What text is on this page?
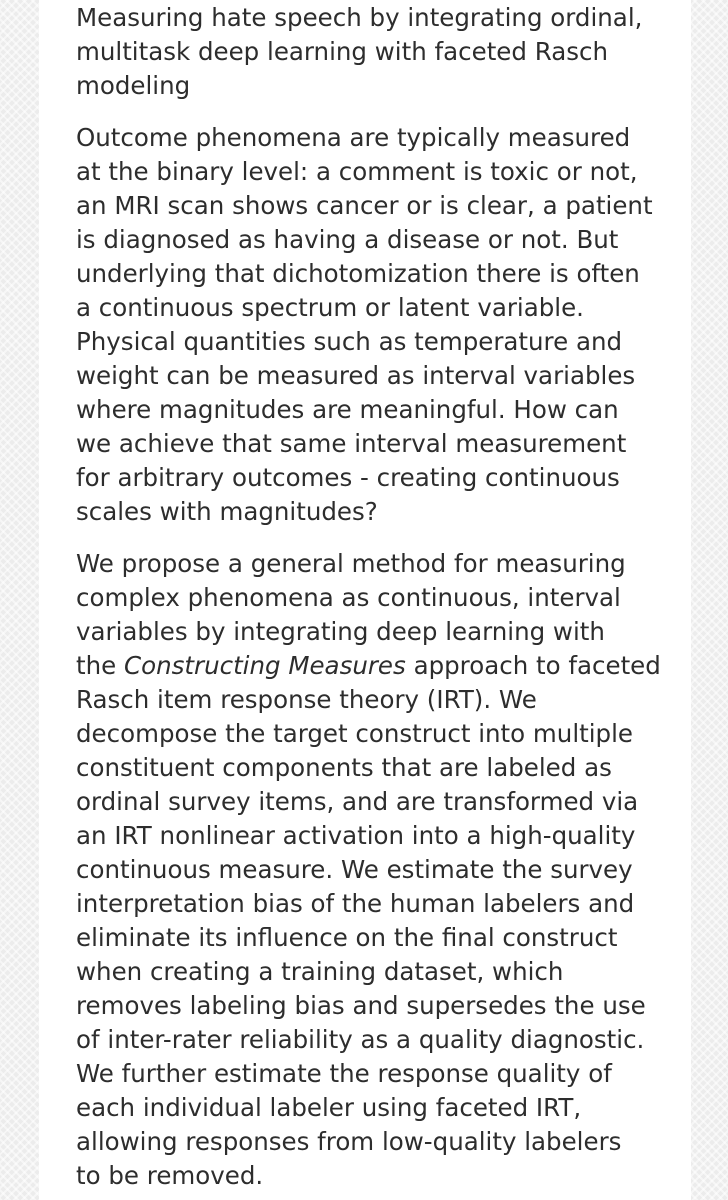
Measuring hate speech by integrating ordinal,
multitask deep learning with faceted Rasch
modeling

Outcome phenomena are typically measured
at the binary level: a comment is toxic or not,
an MRI scan shows cancer or is clear, a patient
is diagnosed as having a disease or not. But
underlying that dichotomization there is often
a continuous spectrum or latent variable.
Physical quantities such as temperature and
weight can be measured as interval variables
where magnitudes are meaningful. How can
we achieve that same interval measurement
for arbitrary outcomes - creating continuous
scales with magnitudes?

We propose a general method for measuring
complex phenomena as continuous, interval
variables by integrating deep learning with
the Constructing Measures approach to faceted
Rasch item response theory (IRT). We
decompose the target construct into multiple
constituent components that are labeled as
ordinal survey items, and are transformed via
an IRT nonlinear activation into a high-quality
continuous measure. We estimate the survey
interpretation bias of the human labelers and
eliminate its influence on the final construct
when creating a training dataset, which
removes labeling bias and supersedes the use
of inter-rater reliability as a quality diagnostic.
We further estimate the response quality of
each individual labeler using faceted IRT,
allowing responses from low-quality labelers
to be removed.
